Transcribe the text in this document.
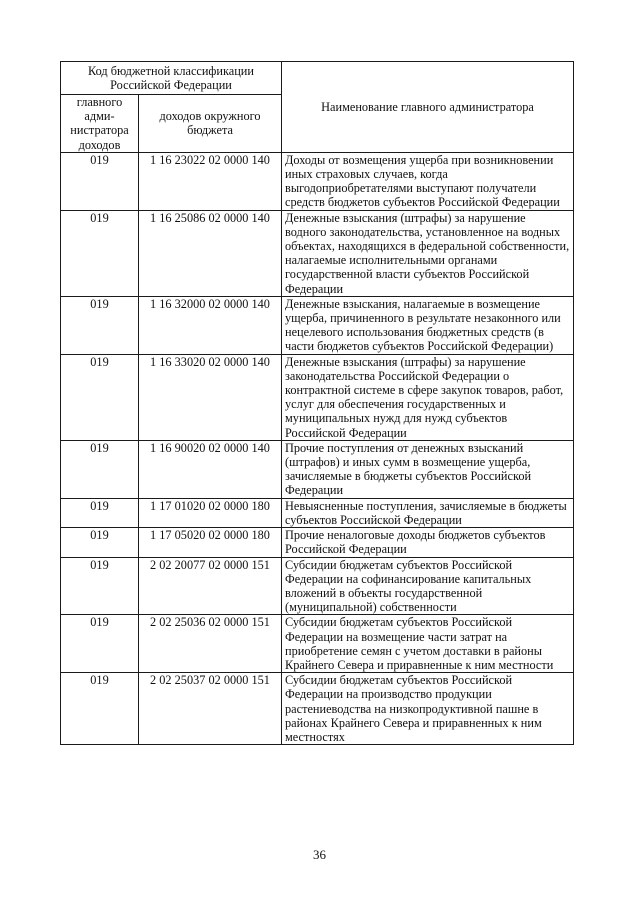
Код бюджетной классификации Российской Федерации		Наименование главного администратора
главного адми-нистратора доходов	доходов окружного бюджета	
019	1 16 23022 02 0000 140	Доходы от возмещения ущерба при возникновении иных страховых случаев, когда выгодоприобретателями выступают получатели средств бюджетов субъектов Российской Федерации
019	1 16 25086 02 0000 140	Денежные взыскания (штрафы) за нарушение водного законодательства, установленное на водных объектах, находящихся в федеральной собственности, налагаемые исполнительными органами государственной власти субъектов Российской Федерации
019	1 16 32000 02 0000 140	Денежные взыскания, налагаемые в возмещение ущерба, причиненного в результате незаконного или нецелевого использования бюджетных средств (в части бюджетов субъектов Российской Федерации)
019	1 16 33020 02 0000 140	Денежные взыскания (штрафы) за нарушение законодательства Российской Федерации о контрактной системе в сфере закупок товаров, работ, услуг для обеспечения государственных и муниципальных нужд для нужд субъектов Российской Федерации
019	1 16 90020 02 0000 140	Прочие поступления от денежных взысканий (штрафов) и иных сумм в возмещение ущерба, зачисляемые в бюджеты субъектов Российской Федерации
019	1 17 01020 02 0000 180	Невыясненные поступления, зачисляемые в бюджеты субъектов Российской Федерации
019	1 17 05020 02 0000 180	Прочие неналоговые доходы бюджетов субъектов Российской Федерации
019	2 02 20077 02 0000 151	Субсидии бюджетам субъектов Российской Федерации на софинансирование капитальных вложений в объекты государственной (муниципальной) собственности
019	2 02 25036 02 0000 151	Субсидии бюджетам субъектов Российской Федерации на возмещение части затрат на приобретение семян с учетом доставки в районы Крайнего Севера и приравненные к ним местности
019	2 02 25037 02 0000 151	Субсидии бюджетам субъектов Российской Федерации на производство продукции растениеводства на низкопродуктивной пашне в районах Крайнего Севера и приравненных к ним местностях
36
